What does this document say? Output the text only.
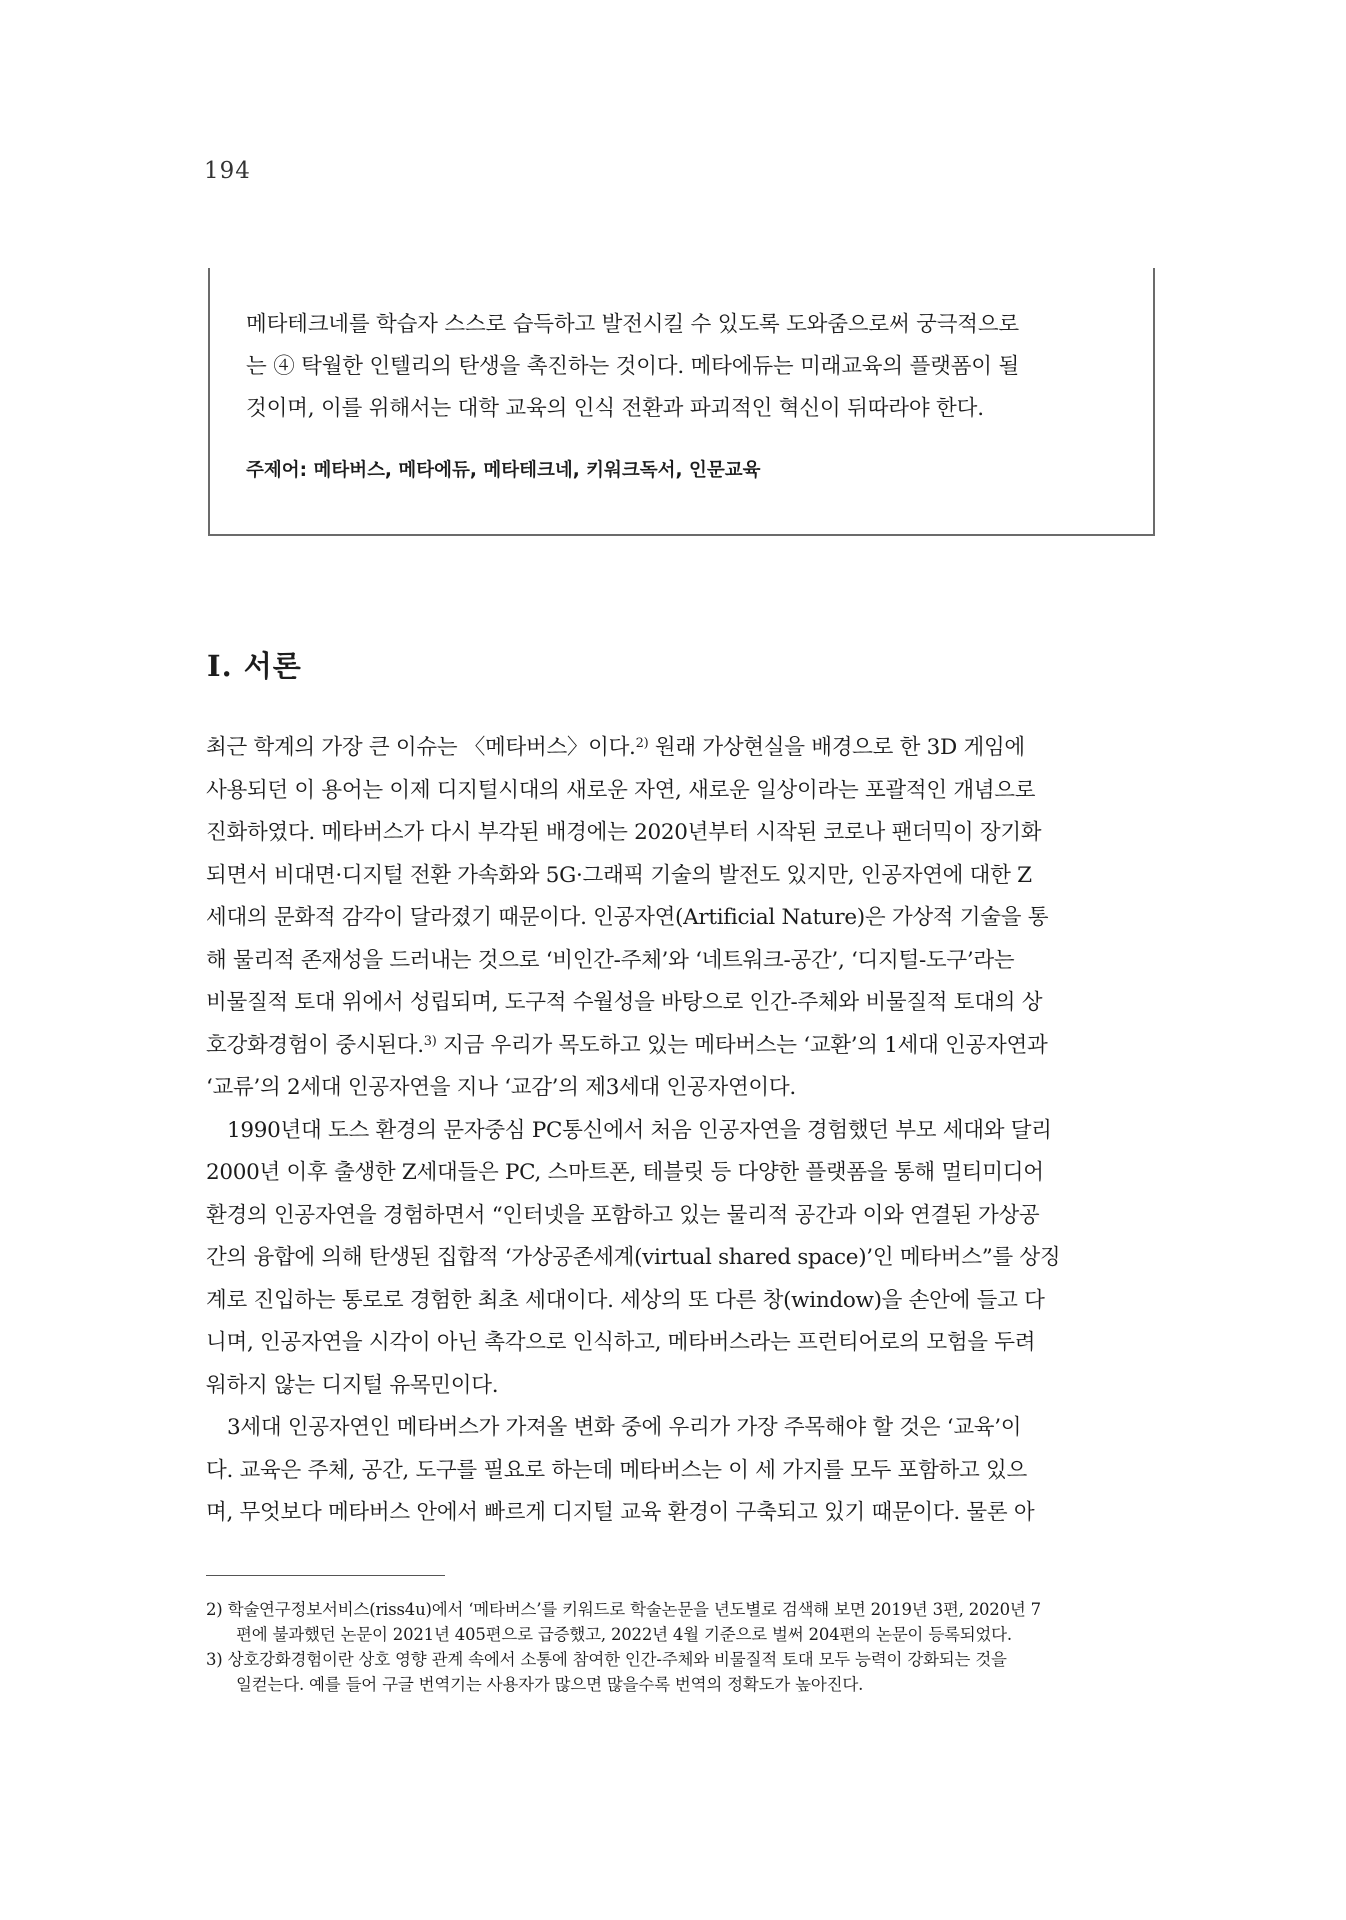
194
메타테크네를 학습자 스스로 습득하고 발전시킬 수 있도록 도와줌으로써 궁극적으로
는 ④ 탁월한 인텔리의 탄생을 촉진하는 것이다. 메타에듀는 미래교육의 플랫폼이 될
것이며, 이를 위해서는 대학 교육의 인식 전환과 파괴적인 혁신이 뒤따라야 한다.
주제어: 메타버스, 메타에듀, 메타테크네, 키워크독서, 인문교육
Ⅰ. 서론
최근 학계의 가장 큰 이슈는 〈메타버스〉이다.$^{2)}$ 원래 가상현실을 배경으로 한 3D 게임에
사용되던 이 용어는 이제 디지털시대의 새로운 자연, 새로운 일상이라는 포괄적인 개념으로
진화하였다. 메타버스가 다시 부각된 배경에는 2020년부터 시작된 코로나 팬더믹이 장기화
되면서 비대면·디지털 전환 가속화와 5G·그래픽 기술의 발전도 있지만, 인공자연에 대한 Z
세대의 문화적 감각이 달라졌기 때문이다. 인공자연(Artificial Nature)은 가상적 기술을 통
해 물리적 존재성을 드러내는 것으로 ‘비인간-주체’와 ‘네트워크-공간’, ‘디지털-도구’라는
비물질적 토대 위에서 성립되며, 도구적 수월성을 바탕으로 인간-주체와 비물질적 토대의 상
호강화경험이 중시된다.$^{3)}$ 지금 우리가 목도하고 있는 메타버스는 ‘교환’의 1세대 인공자연과
‘교류’의 2세대 인공자연을 지나 ‘교감’의 제3세대 인공자연이다.
1990년대 도스 환경의 문자중심 PC통신에서 처음 인공자연을 경험했던 부모 세대와 달리
2000년 이후 출생한 Z세대들은 PC, 스마트폰, 테블릿 등 다양한 플랫폼을 통해 멀티미디어
환경의 인공자연을 경험하면서 “인터넷을 포함하고 있는 물리적 공간과 이와 연결된 가상공
간의 융합에 의해 탄생된 집합적 ‘가상공존세계(virtual shared space)’인 메타버스”를 상징
계로 진입하는 통로로 경험한 최초 세대이다. 세상의 또 다른 창(window)을 손안에 들고 다
니며, 인공자연을 시각이 아닌 촉각으로 인식하고, 메타버스라는 프런티어로의 모험을 두려
워하지 않는 디지털 유목민이다.
3세대 인공자연인 메타버스가 가져올 변화 중에 우리가 가장 주목해야 할 것은 ‘교육’이
다. 교육은 주체, 공간, 도구를 필요로 하는데 메타버스는 이 세 가지를 모두 포함하고 있으
며, 무엇보다 메타버스 안에서 빠르게 디지털 교육 환경이 구축되고 있기 때문이다. 물론 아
2) 학술연구정보서비스(riss4u)에서 ‘메타버스’를 키워드로 학술논문을 년도별로 검색해 보면 2019년 3편, 2020년 7
편에 불과했던 논문이 2021년 405편으로 급증했고, 2022년 4월 기준으로 벌써 204편의 논문이 등록되었다.
3) 상호강화경험이란 상호 영향 관계 속에서 소통에 참여한 인간-주체와 비물질적 토대 모두 능력이 강화되는 것을
일컫는다. 예를 들어 구글 번역기는 사용자가 많으면 많을수록 번역의 정확도가 높아진다.
